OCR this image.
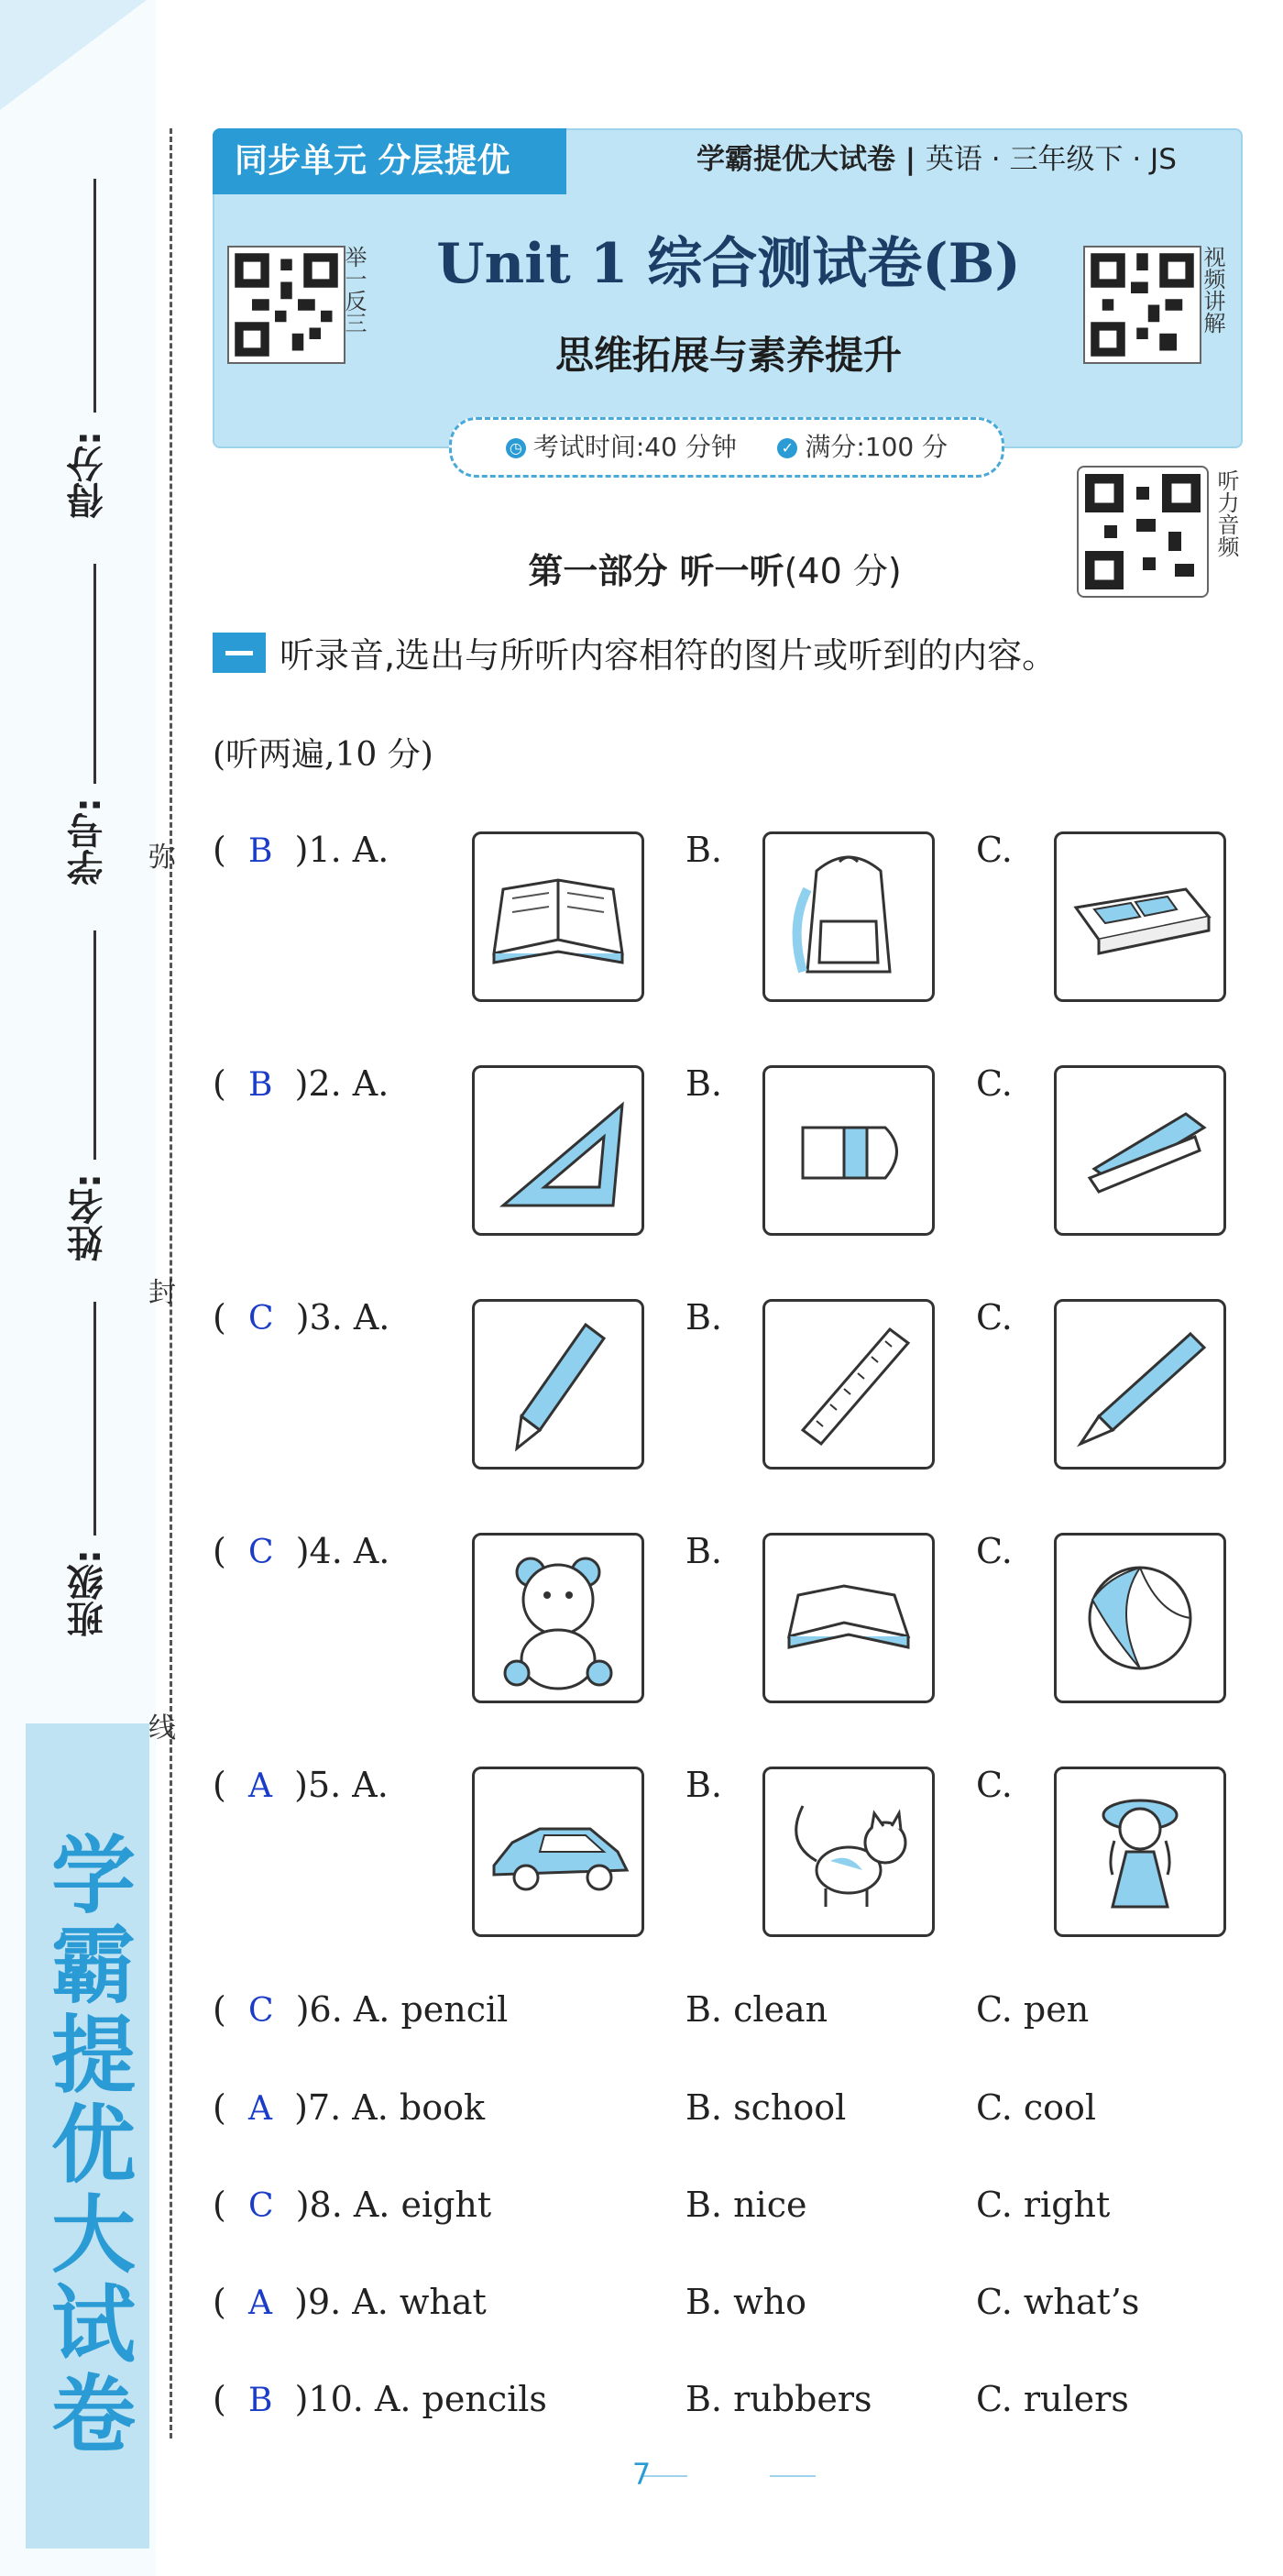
学霸提优大试卷
得分:
学号:
姓名:
班级:
弥
封
线
同步单元 分层提优	学霸提优大试卷 | 英语 · 三年级下 · JS
Unit 1 综合测试卷(B)
思维拓展与素养提升
举一反三	视频讲解
◷ 考试时间:40 分钟	✓ 满分:100 分
听力音频
第一部分 听一听(40 分)
听录音,选出与所听内容相符的图片或听到的内容。
(听两遍,10 分)
(  B  )1. A.	B.	C.
(  B  )2. A.	B.	C.
(  C  )3. A.	B.	C.
(  C  )4. A.	B.	C.
(  A  )5. A.	B.	C.
(  C  )6. A. pencil	B. clean	C. pen
(  A  )7. A. book	B. school	C. cool
(  C  )8. A. eight	B. nice	C. right
(  A  )9. A. what	B. who	C. what’s
(  B  )10. A. pencils	B. rubbers	C. rulers
7
